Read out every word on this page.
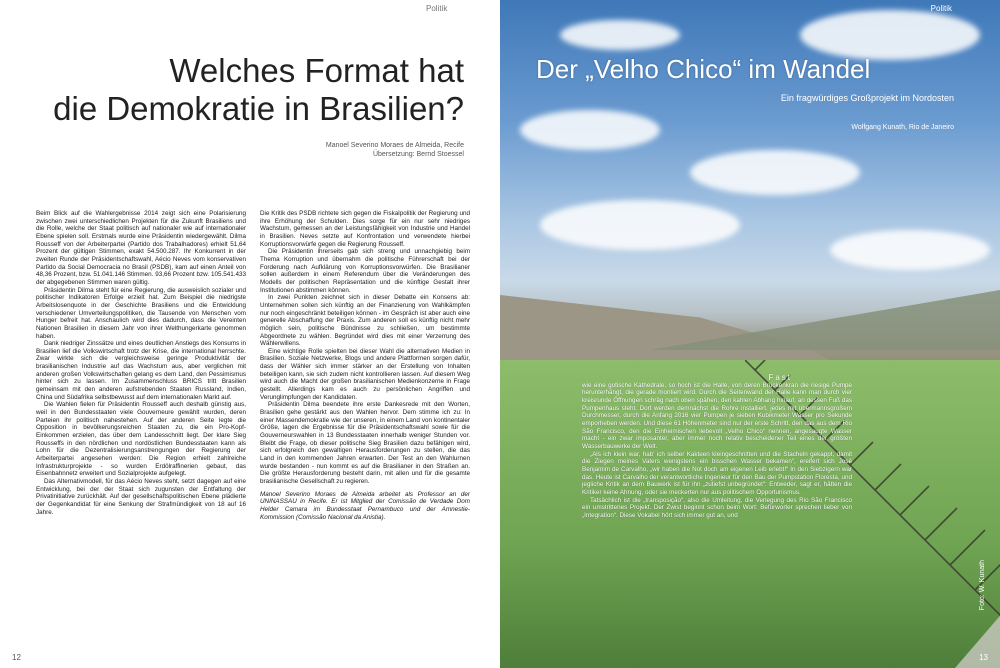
Politik
Welches Format hat
die Demokratie in Brasilien?
Manoel Severino Moraes de Almeida, Recife
Übersetzung: Bernd Stoessel

Beim Blick auf die Wahlergebnisse 2014 zeigt sich eine Polarisierung zwischen zwei unterschiedlichen Projekten für die Zukunft Brasiliens und die Rolle, welche der Staat politisch auf nationaler wie auf internationaler Ebene spielen soll. Erstmals wurde eine Präsidentin wiedergewählt. Dilma Rousseff von der Arbeiterpartei (Partido dos Trabalhadores) erhielt 51,64 Prozent der gültigen Stimmen, exakt 54.500.287. Ihr Konkurrent in der zweiten Runde der Präsidentschaftswahl, Aécio Neves vom konservativen Partido da Social Democracia no Brasil (PSDB), kam auf einen Anteil von 48,36 Prozent, bzw. 51.041.146 Stimmen. 93,66 Prozent bzw. 105.541.433 der abgegebenen Stimmen waren gültig.

Präsidentin Dilma steht für eine Regierung, die ausweislich sozialer und politischer Indikatoren Erfolge erzielt hat. Zum Beispiel die niedrigste Arbeitslosenquote in der Geschichte Brasiliens und die Entwicklung verschiedener Umverteilungspolitiken, die Tausende von Menschen vom Hunger befreit hat. Anschaulich wird dies dadurch, dass die Vereinten Nationen Brasilien in diesem Jahr von ihrer Welthungerkarte genommen haben.

Dank niedriger Zinssätze und eines deutlichen Anstiegs des Konsums in Brasilien lief die Volkswirtschaft trotz der Krise, die international herrschte. Zwar wirkte sich die vergleichsweise geringe Produktivität der brasilianischen Industrie auf das Wachstum aus, aber verglichen mit anderen großen Volkswirtschaften gelang es dem Land, den Pessimismus hinter sich zu lassen. Im Zusammenschluss BRICS tritt Brasilien gemeinsam mit den anderen aufstrebenden Staaten Russland, Indien, China und Südafrika selbstbewusst auf dem internationalen Markt auf.

Die Wahlen fielen für Präsidentin Rousseff auch deshalb günstig aus, weil in den Bundesstaaten viele Gouverneure gewählt wurden, deren Parteien ihr politisch nahestehen. Auf der anderen Seite legte die Opposition in bevölkerungsreichen Staaten zu, die ein Pro-Kopf-Einkommen erzielen, das über dem Landesschnitt liegt. Der klare Sieg Rousseffs in den nördlichen und nordöstlichen Bundesstaaten kann als Lohn für die Dezentralisierungsanstrengungen der Regierung der Arbeiterpartei angesehen werden: Die Region erhielt zahlreiche Infrastrukturprojekte - so wurden Erdölraffinerien gebaut, das Eisenbahnnetz erweitert und Sozialprojekte aufgelegt.

Das Alternativmodell, für das Aécio Neves steht, setzt dagegen auf eine Entwicklung, bei der der Staat sich zugunsten der Entfaltung der Privatinitiative zurückhält. Auf der gesellschaftspolitischen Ebene plädierte der Gegenkandidat für eine Senkung der Strafmündigkeit von 18 auf 16 Jahre.

Die Kritik des PSDB richtete sich gegen die Fiskalpolitik der Regierung und ihre Erhöhung der Schulden. Dies sorge für ein nur sehr niedriges Wachstum, gemessen an der Leistungsfähigkeit von Industrie und Handel in Brasilien. Neves setzte auf Konfrontation und verwendete hierbei Korruptionsvorwürfe gegen die Regierung Rousseff.

Die Präsidentin ihrerseits gab sich streng und unnachgiebig beim Thema Korruption und übernahm die politische Führerschaft bei der Forderung nach Aufklärung von Korruptionsvorwürfen. Die Brasilianer sollen außerdem in einem Referendum über die Veränderungen des Modells der politischen Repräsentation und die künftige Gestalt ihrer Institutionen abstimmen können.

In zwei Punkten zeichnet sich in dieser Debatte ein Konsens ab: Unternehmen sollen sich künftig an der Finanzierung von Wahlkämpfen nur noch eingeschränkt beteiligen können - im Gespräch ist aber auch eine generelle Abschaffung der Praxis. Zum anderen soll es künftig nicht mehr möglich sein, politische Bündnisse zu schließen, um bestimmte Abgeordnete zu wählen. Begründet wird dies mit einer Verzerrung des Wählerwillens.

Eine wichtige Rolle spielten bei dieser Wahl die alternativen Medien in Brasilien. Soziale Netzwerke, Blogs und andere Plattformen sorgen dafür, dass der Wähler sich immer stärker an der Erstellung von Inhalten beteiligen kann, sie sich zudem nicht kontrollieren lassen. Auf diesem Weg wird auch die Macht der großen brasilianischen Medienkonzerne in Frage gestellt. Allerdings kam es auch zu persönlichen Angriffen und Verunglimpfungen der Kandidaten.

Präsidentin Dilma beendete ihre erste Dankesrede mit den Worten, Brasilien gehe gestärkt aus den Wahlen hervor. Dem stimme ich zu: In einer Massendemokratie wie der unseren, in einem Land von kontinentaler Größe, lagen die Ergebnisse für die Präsidentschaftswahl sowie für die Gouverneurswahlen in 13 Bundesstaaten innerhalb weniger Stunden vor. Bleibt die Frage, ob dieser politische Sieg Brasilien dazu befähigen wird, sich erfolgreich den gewaltigen Herausforderungen zu stellen, die das Land in den kommenden Jahren erwarten. Der Test an den Wahlurnen wurde bestanden - nun kommt es auf die Brasilianer in den Straßen an. Die größte Herausforderung besteht darin, mit allen und für die gesamte brasilianische Gesellschaft zu regieren.

Manoel Severino Moraes de Almeida arbeitet als Professor an der UNINASSAU in Recife. Er ist Mitglied der Comissão de Verdade Dom Helder Camara im Bundesstaat Pernambuco und der Amnestie-Kommission (Comissão Nacional da Anistia).

12
Politik
Der „Velho Chico“ im Wandel
Ein fragwürdiges Großprojekt im Nordosten
Wolfgang Kunath, Rio de Janeiro
Fast

wie eine gotische Kathedrale, so hoch ist die Halle, von deren Brückenkran die riesige Pumpe herunterhängt, die gerade montiert wird. Durch die Seitenwand der Halle kann man durch vier kreisrunde Öffnungen schräg nach oben spähen, den kahlen Abhang hinauf, an dessen Fuß das Pumpenhaus steht. Dort werden demnächst die Rohre installiert, jedes mit übermannsgroßem Durchmesser, durch die Anfang 2016 vier Pumpen je sieben Kubikmeter Wasser pro Sekunde emporheben werden. Und diese 61 Höhenmeter sind nur der erste Schritt, den das aus dem Rio São Francisco, den die Einheimischen liebevoll „Velho Chico“ nennen, angesaugte Wasser macht - ein zwar imposanter, aber immer noch relativ bescheidener Teil eines der größten Wasserbauwerke der Welt.

„Als ich klein war, hab' ich selber Kakteen kleingeschnitten und die Stacheln gekappt, damit die Ziegen meines Vaters wenigstens ein bisschen Wasser bekamen“, ereifert sich José Benjamim de Carvalho, „wir haben die Not doch am eigenen Leib erlebt!“ In den Siebzigern war das. Heute ist Carvalho der verantwortliche Ingenieur für den Bau der Pumpstation Floresta, und jegliche Kritik an dem Bauwerk ist für ihn „zutiefst unbegründet“: Entweder, sagt er, hätten die Kritiker keine Ahnung, oder sie meckerten nur aus politischem Opportunismus.

Tatsächlich ist die „transposição“, also die Umleitung, die Verlegung des Rio São Francisco ein umstrittenes Projekt. Der Zwist beginnt schon beim Wort: Befürworter sprechen lieber von „Integration“. Diese Vokabel hört sich immer gut an, und

Foto: W. Kunath
13
